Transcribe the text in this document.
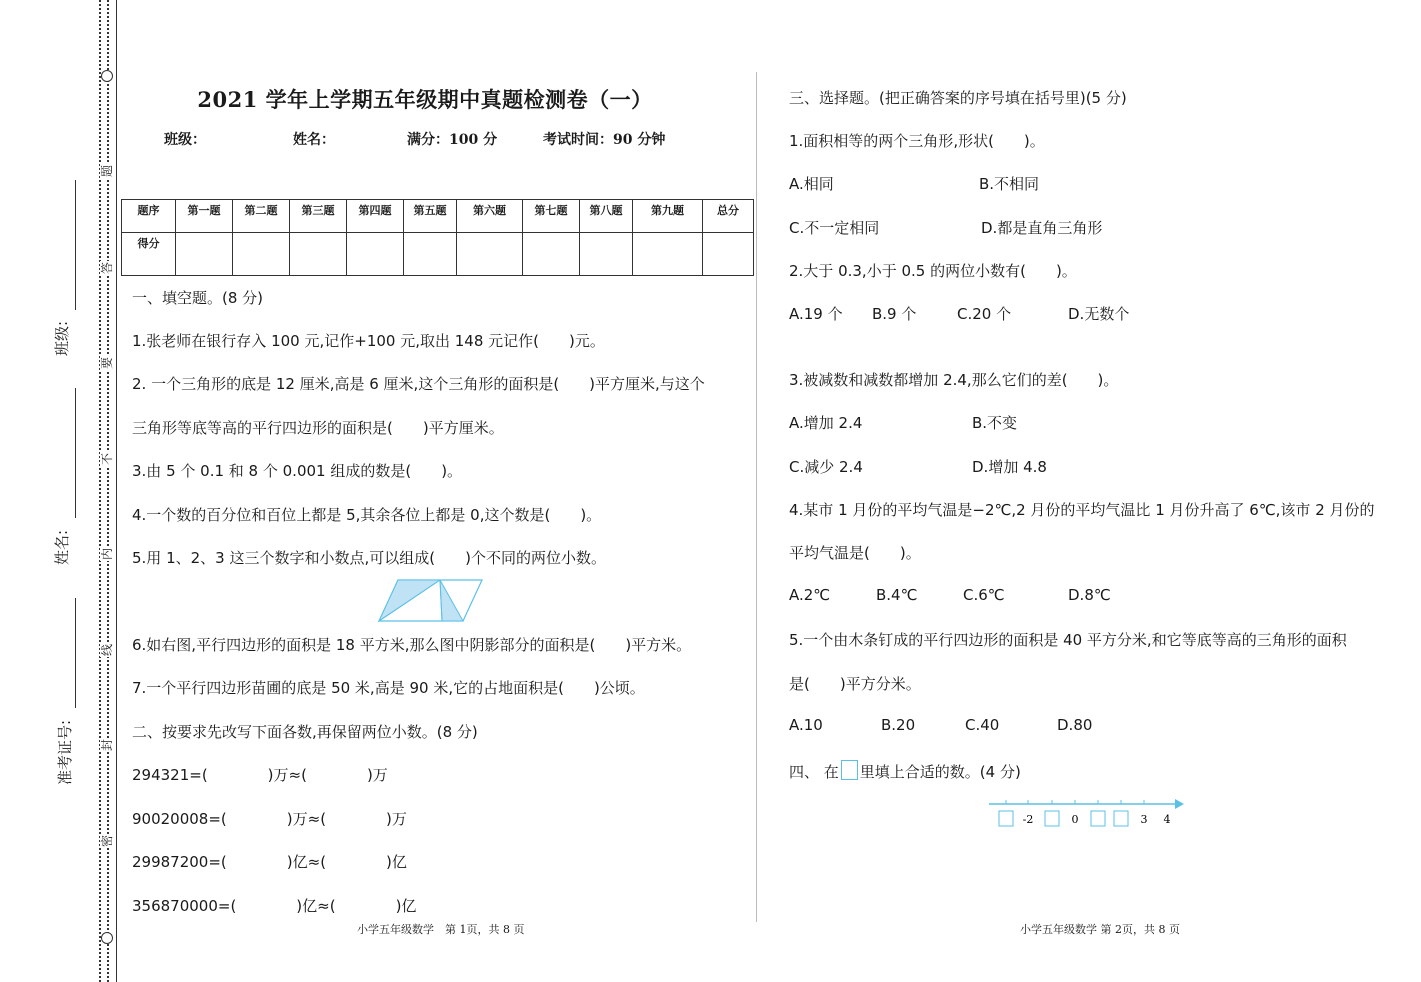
题
答
要
不
内
线
封
密
班级:
姓名:
准考证号:
2021 学年上学期五年级期中真题检测卷（一）
班级：	姓名：	满分：100 分	考试时间：90 分钟
题序	第一题	第二题	第三题	第四题	第五题	第六题	第七题	第八题	第九题	总分
得分										
一、填空题。(8 分)
1.张老师在银行存入 100 元,记作+100 元,取出 148 元记作(　　)元。
2. 一个三角形的底是 12 厘米,高是 6 厘米,这个三角形的面积是(　　)平方厘米,与这个
三角形等底等高的平行四边形的面积是(　　)平方厘米。
3.由 5 个 0.1 和 8 个 0.001 组成的数是(　　)。
4.一个数的百分位和百位上都是 5,其余各位上都是 0,这个数是(　　)。
5.用 1、2、3 这三个数字和小数点,可以组成(　　)个不同的两位小数。
6.如右图,平行四边形的面积是 18 平方米,那么图中阴影部分的面积是(　　)平方米。
7.一个平行四边形苗圃的底是 50 米,高是 90 米,它的占地面积是(　　)公顷。
二、按要求先改写下面各数,再保留两位小数。(8 分)
294321=(　　　　)万≈(　　　　)万
90020008=(　　　　)万≈(　　　　)万
29987200=(　　　　)亿≈(　　　　)亿
356870000=(　　　　)亿≈(　　　　)亿
小学五年级数学　第 1页，共 8 页
三、选择题。(把正确答案的序号填在括号里)(5 分)
1.面积相等的两个三角形,形状(　　)。
A.相同	B.不相同
C.不一定相同	D.都是直角三角形
2.大于 0.3,小于 0.5 的两位小数有(　　)。
A.19 个 B.9 个	C.20 个	D.无数个
3.被减数和减数都增加 2.4,那么它们的差(　　)。
A.增加 2.4	B.不变
C.减少 2.4	D.增加 4.8
4.某市 1 月份的平均气温是−2℃,2 月份的平均气温比 1 月份升高了 6℃,该市 2 月份的
平均气温是(　　)。
A.2℃	B.4℃	C.6℃	D.8℃
5.一个由木条钉成的平行四边形的面积是 40 平方分米,和它等底等高的三角形的面积
是(　　)平方分米。
A.10	B.20	C.40	D.80
四、 在 里填上合适的数。(4 分)
-2	0	3 4
小学五年级数学 第 2页，共 8 页
